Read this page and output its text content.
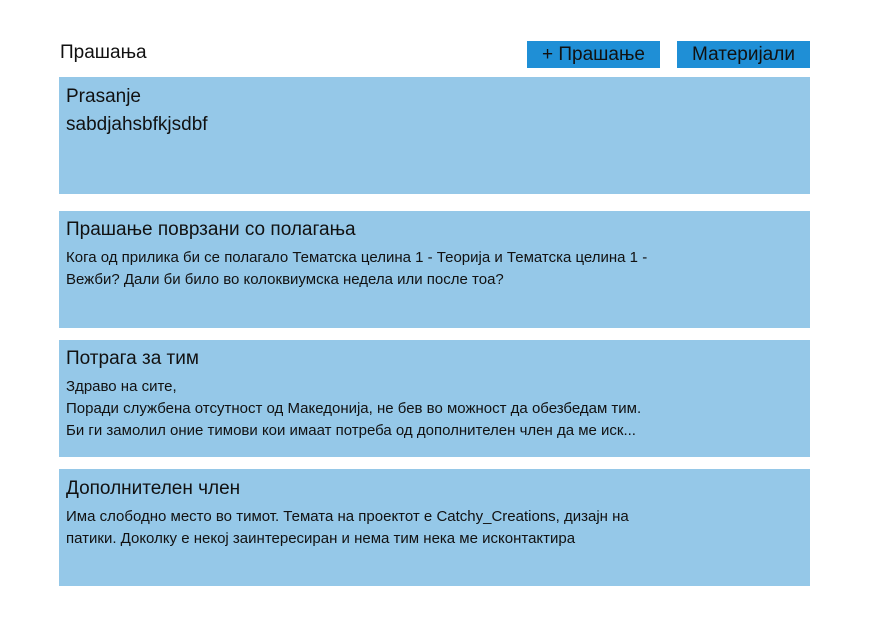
Прашања	+ Прашање	Материјали
Prasanje
sabdjahsbfkjsdbf
Прашање поврзани со полагања
Кога од прилика би се полагало Тематска целина 1 - Теорија и Тематска целина 1 -
Вежби? Дали би било во колоквиумска недела или после тоа?
Потрага за тим
Здраво на сите,
Поради службена отсутност од Македонија, не бев во можност да обезбедам тим.
Би ги замолил оние тимови кои имаат потреба од дополнителен член да ме иск...
Дополнителен член
Има слободно место во тимот. Темата на проектот е Catchy_Creations, дизајн на
патики. Доколку е некој заинтересиран и нема тим нека ме исконтактира
